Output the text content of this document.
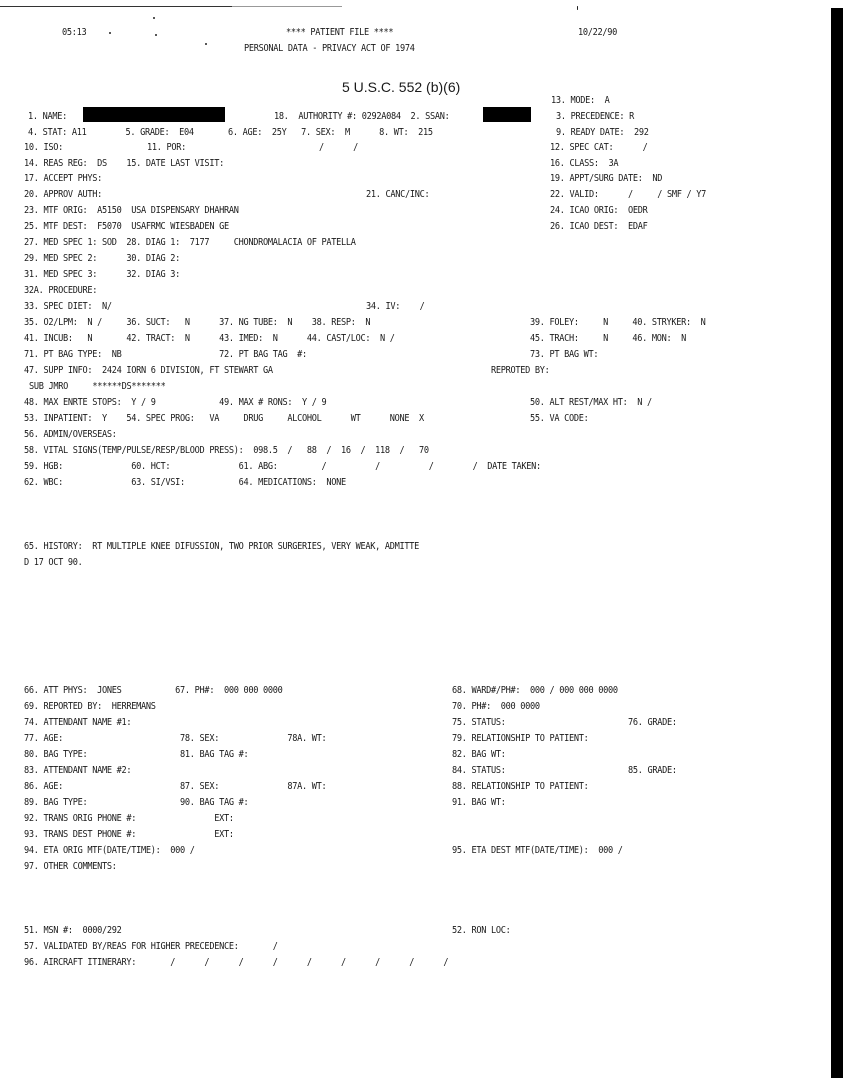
05:13	**** PATIENT FILE ****	10/22/90
PERSONAL DATA - PRIVACY ACT OF 1974
5 U.S.C. 552 (b)(6)
13. MODE:  A
1. NAME:	18.  AUTHORITY #: 0292A084  2. SSAN:	3. PRECEDENCE: R
4. STAT: A11        5. GRADE:  E04       6. AGE:  25Y   7. SEX:  M      8. WT:  215	9. READY DATE:  292
10. ISO:	11. POR:	/      /	12. SPEC CAT:      /
14. REAS REG:  DS    15. DATE LAST VISIT:	16. CLASS:  3A
17. ACCEPT PHYS:	19. APPT/SURG DATE:  ND
20. APPROV AUTH:	21. CANC/INC:	22. VALID:      /     / SMF / Y7
23. MTF ORIG:  A5150  USA DISPENSARY DHAHRAN	24. ICAO ORIG:  OEDR
25. MTF DEST:  F5070  USAFRMC WIESBADEN GE	26. ICAO DEST:  EDAF
27. MED SPEC 1: SOD  28. DIAG 1:  7177     CHONDROMALACIA OF PATELLA
29. MED SPEC 2:      30. DIAG 2:
31. MED SPEC 3:      32. DIAG 3:
32A. PROCEDURE:
33. SPEC DIET:  N/	34. IV:    /
35. O2/LPM:  N /     36. SUCT:   N      37. NG TUBE:  N    38. RESP:  N	39. FOLEY:     N     40. STRYKER:  N
41. INCUB:   N       42. TRACT:  N      43. IMED:  N      44. CAST/LOC:  N /	45. TRACH:     N     46. MON:  N
71. PT BAG TYPE:  NB                    72. PT BAG TAG  #:	73. PT BAG WT:
47. SUPP INFO:  2424 IORN 6 DIVISION, FT STEWART GA	REPROTED BY:
SUB JMRO     ******DS*******
48. MAX ENRTE STOPS:  Y / 9             49. MAX # RONS:  Y / 9	50. ALT REST/MAX HT:  N /
53. INPATIENT:  Y    54. SPEC PROG:   VA     DRUG     ALCOHOL      WT      NONE  X	55. VA CODE:
56. ADMIN/OVERSEAS:
58. VITAL SIGNS(TEMP/PULSE/RESP/BLOOD PRESS):  098.5  /   88  /  16  /  118  /   70
59. HGB:              60. HCT:              61. ABG:         /          /          /        /  DATE TAKEN:
62. WBC:              63. SI/VSI:           64. MEDICATIONS:  NONE
65. HISTORY:  RT MULTIPLE KNEE DIFUSSION, TWO PRIOR SURGERIES, VERY WEAK, ADMITTE
D 17 OCT 90.
66. ATT PHYS:  JONES           67. PH#:  000 000 0000	68. WARD#/PH#:  000 / 000 000 0000
69. REPORTED BY:  HERREMANS	70. PH#:  000 0000
74. ATTENDANT NAME #1:	75. STATUS:	76. GRADE:
77. AGE:                        78. SEX:              78A. WT:	79. RELATIONSHIP TO PATIENT:
80. BAG TYPE:                   81. BAG TAG #:	82. BAG WT:
83. ATTENDANT NAME #2:	84. STATUS:	85. GRADE:
86. AGE:                        87. SEX:              87A. WT:	88. RELATIONSHIP TO PATIENT:
89. BAG TYPE:                   90. BAG TAG #:	91. BAG WT:
92. TRANS ORIG PHONE #:                EXT:
93. TRANS DEST PHONE #:                EXT:
94. ETA ORIG MTF(DATE/TIME):  000 /	95. ETA DEST MTF(DATE/TIME):  000 /
97. OTHER COMMENTS:
51. MSN #:  0000/292	52. RON LOC:
57. VALIDATED BY/REAS FOR HIGHER PRECEDENCE:       /
96. AIRCRAFT ITINERARY:       /      /      /      /      /      /      /      /      /
